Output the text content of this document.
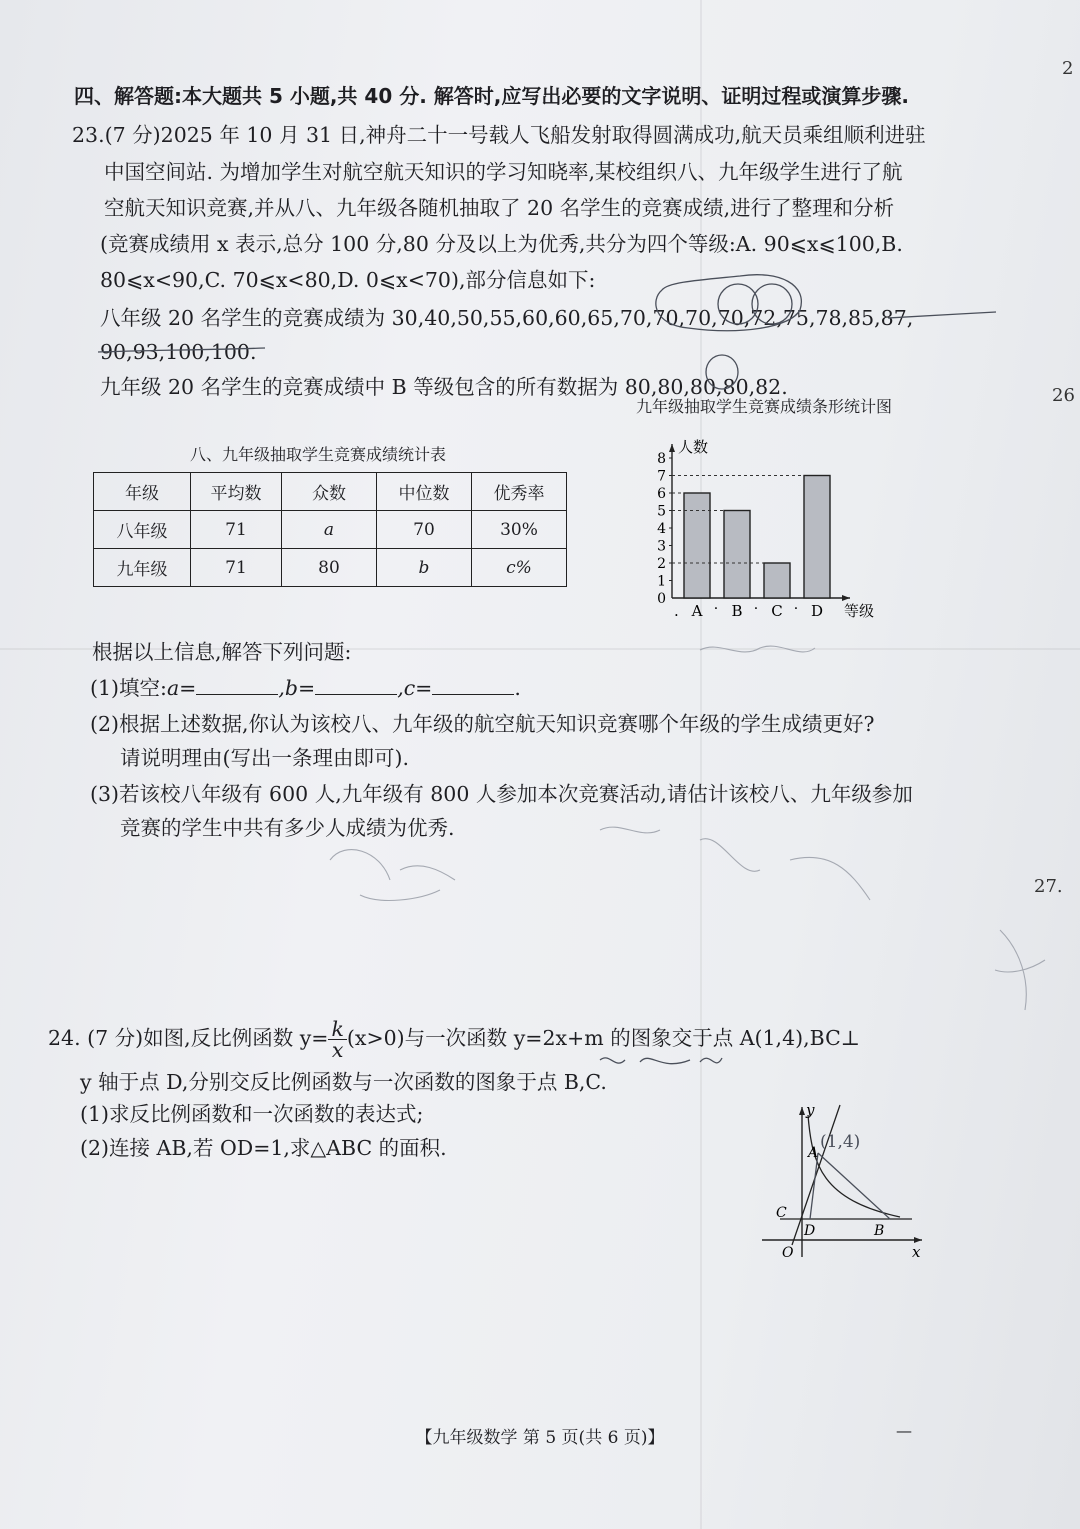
2
26
27.
四、解答题:本大题共 5 小题,共 40 分. 解答时,应写出必要的文字说明、证明过程或演算步骤.
23.(7 分)2025 年 10 月 31 日,神舟二十一号载人飞船发射取得圆满成功,航天员乘组顺利进驻
中国空间站. 为增加学生对航空航天知识的学习知晓率,某校组织八、九年级学生进行了航
空航天知识竞赛,并从八、九年级各随机抽取了 20 名学生的竞赛成绩,进行了整理和分析
(竞赛成绩用 x 表示,总分 100 分,80 分及以上为优秀,共分为四个等级:A. 90⩽x⩽100,B.
80⩽x<90,C. 70⩽x<80,D. 0⩽x<70),部分信息如下:
八年级 20 名学生的竞赛成绩为 30,40,50,55,60,60,65,70,70,70,70,72,75,78,85,87,
90,93,100,100.
九年级 20 名学生的竞赛成绩中 B 等级包含的所有数据为 80,80,80,80,82.
八、九年级抽取学生竞赛成绩统计表
年级	平均数	众数	中位数	优秀率
八年级	71	a	70	30%
九年级	71	80	b	c%
九年级抽取学生竞赛成绩条形统计图
人数
等级
0
1
2
3
4
5
6
7
8
A · B · C · D
.
根据以上信息,解答下列问题:
(1)填空:a=	,b=	,c=	.
(2)根据上述数据,你认为该校八、九年级的航空航天知识竞赛哪个年级的学生成绩更好?
请说明理由(写出一条理由即可).
(3)若该校八年级有 600 人,九年级有 800 人参加本次竞赛活动,请估计该校八、九年级参加
竞赛的学生中共有多少人成绩为优秀.
24. (7 分)如图,反比例函数 $y= \frac{k}{x} (x>0)$与一次函数 y=2x+m 的图象交于点 A(1,4),BC⊥
y 轴于点 D,分别交反比例函数与一次函数的图象于点 B,C.
(1)求反比例函数和一次函数的表达式;
(2)连接 AB,若 OD=1,求△ABC 的面积.
y
x
A
B
C
D
O
(1,4)
【九年级数学 第 5 页(共 6 页)】	—
